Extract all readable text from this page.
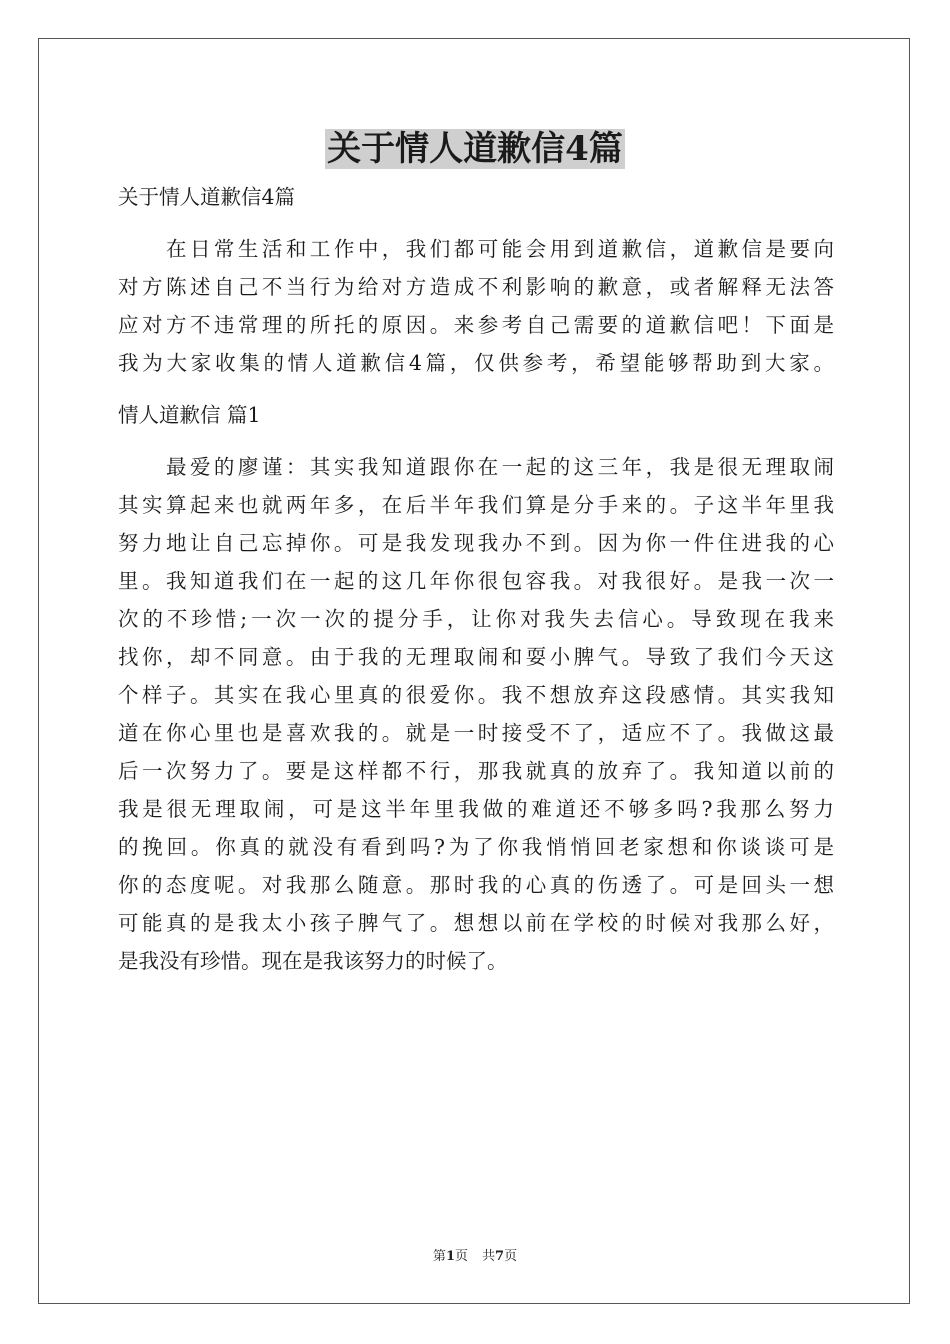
关于情人道歉信4篇
关于情人道歉信4篇
　　在日常生活和工作中，我们都可能会用到道歉信，道歉信是要向
对方陈述自己不当行为给对方造成不利影响的歉意，或者解释无法答
应对方不违常理的所托的原因。来参考自己需要的道歉信吧！下面是
我为大家收集的情人道歉信4篇，仅供参考，希望能够帮助到大家。
情人道歉信 篇1
　　最爱的廖谨：其实我知道跟你在一起的这三年，我是很无理取闹
其实算起来也就两年多，在后半年我们算是分手来的。子这半年里我
努力地让自己忘掉你。可是我发现我办不到。因为你一件住进我的心
里。我知道我们在一起的这几年你很包容我。对我很好。是我一次一
次的不珍惜;一次一次的提分手，让你对我失去信心。导致现在我来
找你，却不同意。由于我的无理取闹和耍小脾气。导致了我们今天这
个样子。其实在我心里真的很爱你。我不想放弃这段感情。其实我知
道在你心里也是喜欢我的。就是一时接受不了，适应不了。我做这最
后一次努力了。要是这样都不行，那我就真的放弃了。我知道以前的
我是很无理取闹，可是这半年里我做的难道还不够多吗?我那么努力
的挽回。你真的就没有看到吗?为了你我悄悄回老家想和你谈谈可是
你的态度呢。对我那么随意。那时我的心真的伤透了。可是回头一想
可能真的是我太小孩子脾气了。想想以前在学校的时候对我那么好，
是我没有珍惜。现在是我该努力的时候了。
第1页 共7页
